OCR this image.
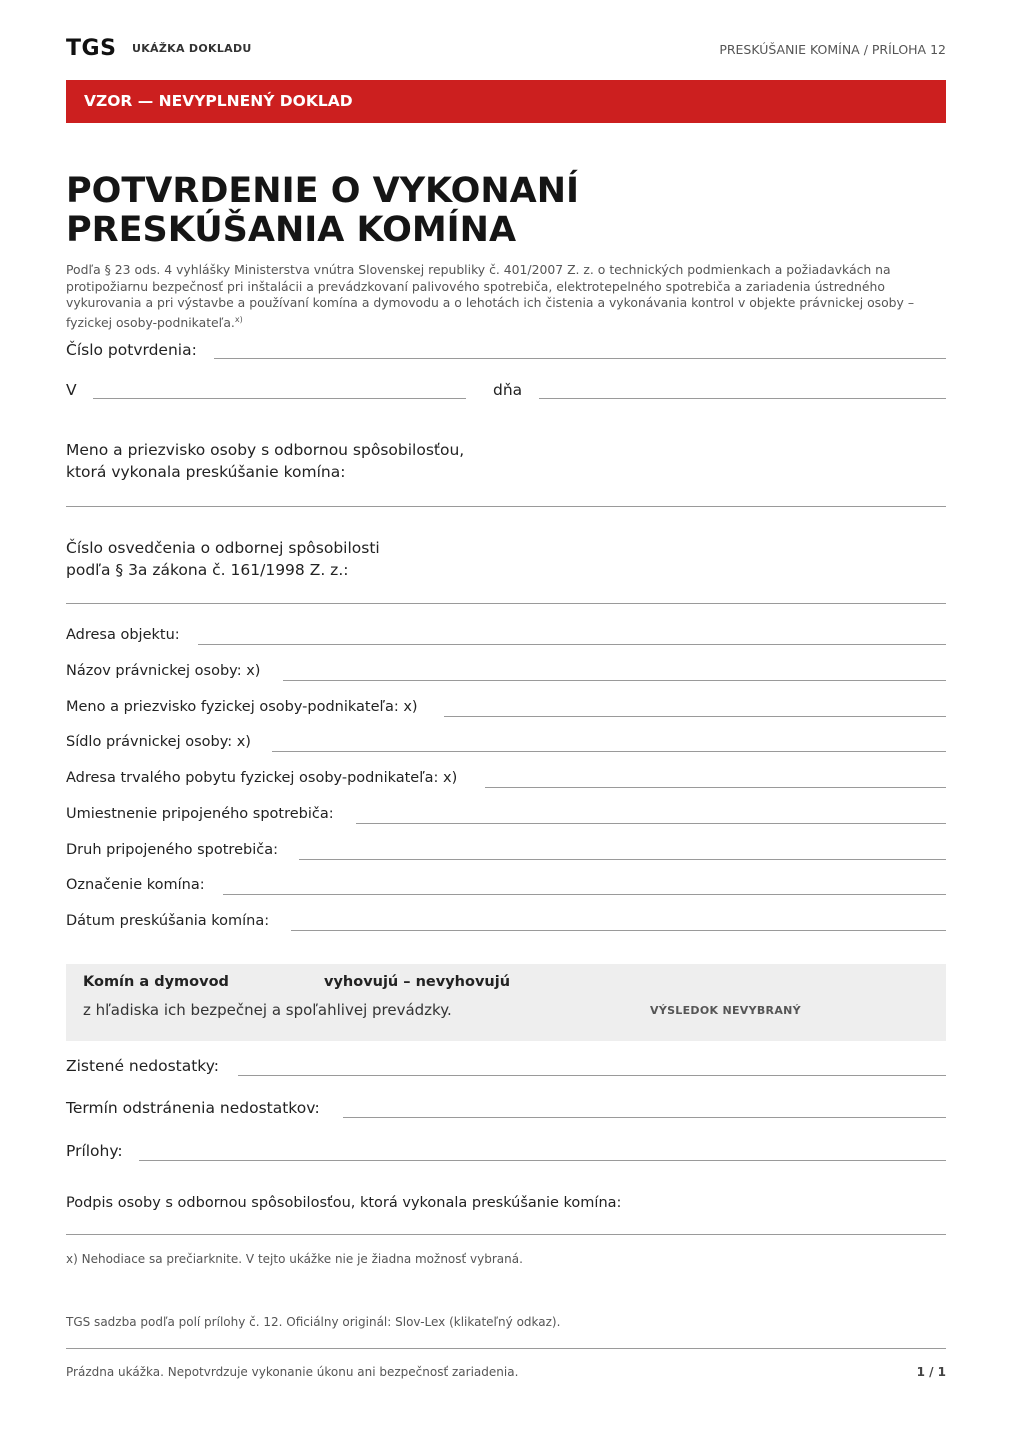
TGS UKÁŽKA DOKLADU	PRESKÚŠANIE KOMÍNA / PRÍLOHA 12
VZOR — NEVYPLNENÝ DOKLAD
POTVRDENIE O VYKONANÍ
PRESKÚŠANIA KOMÍNA
Podľa § 23 ods. 4 vyhlášky Ministerstva vnútra Slovenskej republiky č. 401/2007 Z. z. o technických podmienkach a požiadavkách na protipožiarnu bezpečnosť pri inštalácii a prevádzkovaní palivového spotrebiča, elektrotepelného spotrebiča a zariadenia ústredného vykurovania a pri výstavbe a používaní komína a dymovodu a o lehotách ich čistenia a vykonávania kontrol v objekte právnickej osoby – fyzickej osoby-podnikateľa.$^{x)}$
Číslo potvrdenia:
V	dňa
Meno a priezvisko osoby s odbornou spôsobilosťou,
ktorá vykonala preskúšanie komína:
Číslo osvedčenia o odbornej spôsobilosti
podľa § 3a zákona č. 161/1998 Z. z.:
Adresa objektu:
Názov právnickej osoby: x)
Meno a priezvisko fyzickej osoby-podnikateľa: x)
Sídlo právnickej osoby: x)
Adresa trvalého pobytu fyzickej osoby-podnikateľa: x)
Umiestnenie pripojeného spotrebiča:
Druh pripojeného spotrebiča:
Označenie komína:
Dátum preskúšania komína:
Komín a dymovod	vyhovujú – nevyhovujú
z hľadiska ich bezpečnej a spoľahlivej prevádzky.	VÝSLEDOK NEVYBRANÝ
Zistené nedostatky:
Termín odstránenia nedostatkov:
Prílohy:
Podpis osoby s odbornou spôsobilosťou, ktorá vykonala preskúšanie komína:
x) Nehodiace sa prečiarknite. V tejto ukážke nie je žiadna možnosť vybraná.
TGS sadzba podľa polí prílohy č. 12. Oficiálny originál: Slov-Lex (klikateľný odkaz).
Prázdna ukážka. Nepotvrdzuje vykonanie úkonu ani bezpečnosť zariadenia.	1 / 1
